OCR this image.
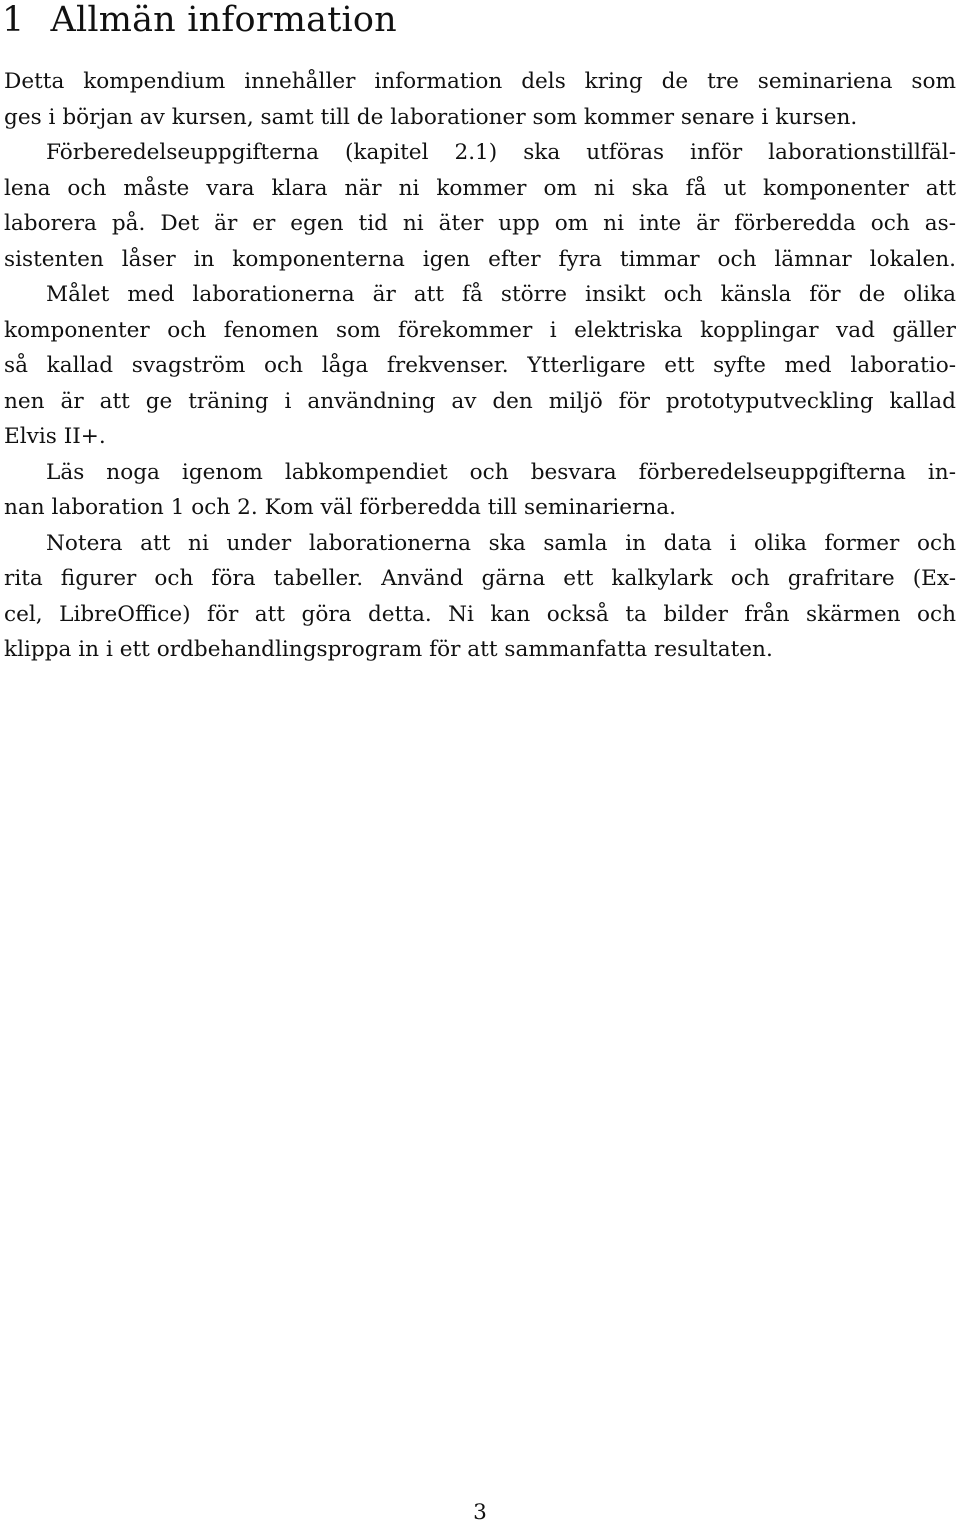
1 Allmän information
Detta kompendium innehåller information dels kring de tre seminariena som
ges i början av kursen, samt till de laborationer som kommer senare i kursen.
Förberedelseuppgifterna (kapitel 2.1) ska utföras inför laborationstillfäl-
lena och måste vara klara när ni kommer om ni ska få ut komponenter att
laborera på. Det är er egen tid ni äter upp om ni inte är förberedda och as-
sistenten låser in komponenterna igen efter fyra timmar och lämnar lokalen.
Målet med laborationerna är att få större insikt och känsla för de olika
komponenter och fenomen som förekommer i elektriska kopplingar vad gäller
så kallad svagström och låga frekvenser. Ytterligare ett syfte med laboratio-
nen är att ge träning i användning av den miljö för prototyputveckling kallad
Elvis II+.
Läs noga igenom labkompendiet och besvara förberedelseuppgifterna in-
nan laboration 1 och 2. Kom väl förberedda till seminarierna.
Notera att ni under laborationerna ska samla in data i olika former och
rita figurer och föra tabeller. Använd gärna ett kalkylark och grafritare (Ex-
cel, LibreOffice) för att göra detta. Ni kan också ta bilder från skärmen och
klippa in i ett ordbehandlingsprogram för att sammanfatta resultaten.
3
